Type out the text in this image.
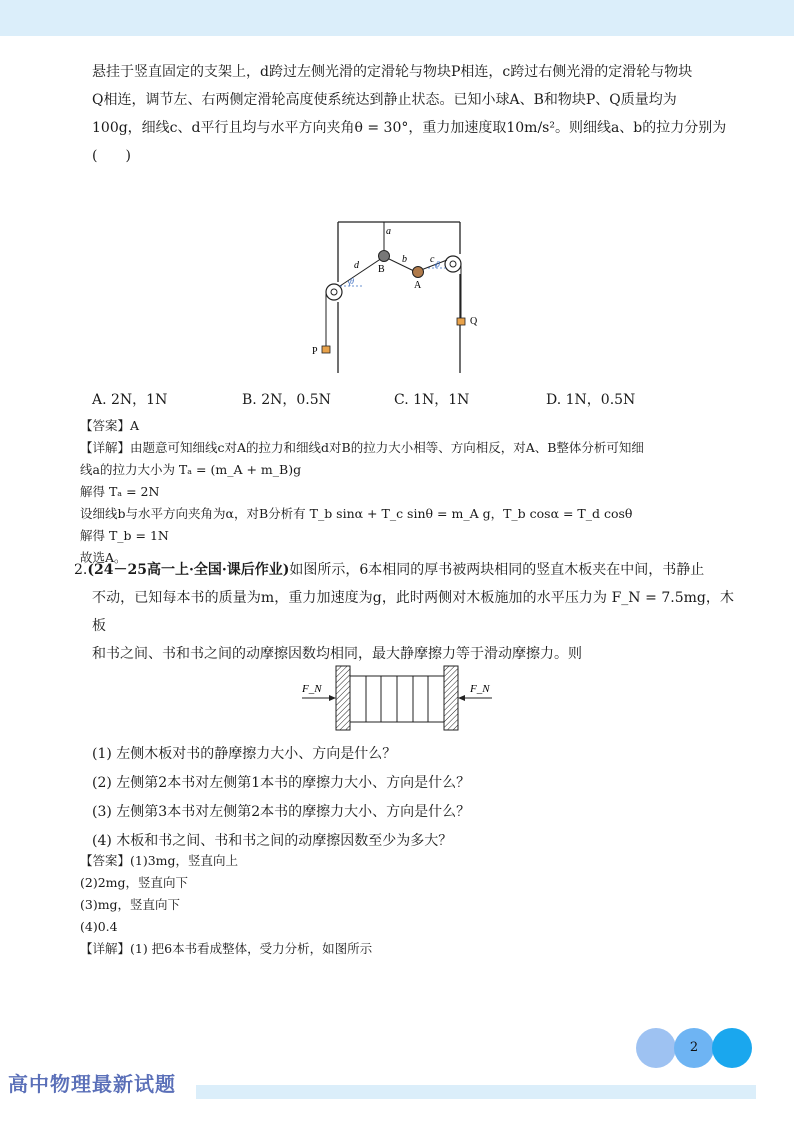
悬挂于竖直固定的支架上，d跨过左侧光滑的定滑轮与物块P相连，c跨过右侧光滑的定滑轮与物块

Q相连，调节左、右两侧定滑轮高度使系统达到静止状态。已知小球A、B和物块P、Q质量均为

100g，细线c、d平行且均与水平方向夹角θ = 30°，重力加速度取10m/s²。则细线a、b的拉力分别为

(　　)

a
d
b c
B
A
θ
θ
P
Q
A. 2N，1N	B. 2N，0.5N	C. 1N，1N	D. 1N，0.5N

【答案】A

【详解】由题意可知细线c对A的拉力和细线d对B的拉力大小相等、方向相反，对A、B整体分析可知细

线a的拉力大小为 Tₐ = (m_A + m_B)g

解得 Tₐ = 2N

设细线b与水平方向夹角为α，对B分析有 T_b sinα + T_c sinθ = m_A g，T_b cosα = T_d cosθ

解得 T_b = 1N

故选A。

2.(24－25高一上·全国·课后作业)如图所示，6本相同的厚书被两块相同的竖直木板夹在中间，书静止

不动，已知每本书的质量为m，重力加速度为g，此时两侧对木板施加的水平压力为 F_N = 7.5mg，木板

和书之间、书和书之间的动摩擦因数均相同，最大静摩擦力等于滑动摩擦力。则

F_N	F_N

(1) 左侧木板对书的静摩擦力大小、方向是什么？

(2) 左侧第2本书对左侧第1本书的摩擦力大小、方向是什么？

(3) 左侧第3本书对左侧第2本书的摩擦力大小、方向是什么？

(4) 木板和书之间、书和书之间的动摩擦因数至少为多大？

【答案】(1)3mg，竖直向上

(2)2mg，竖直向下

(3)mg，竖直向下

(4)0.4

【详解】(1) 把6本书看成整体，受力分析，如图所示

2
高中物理最新试题
